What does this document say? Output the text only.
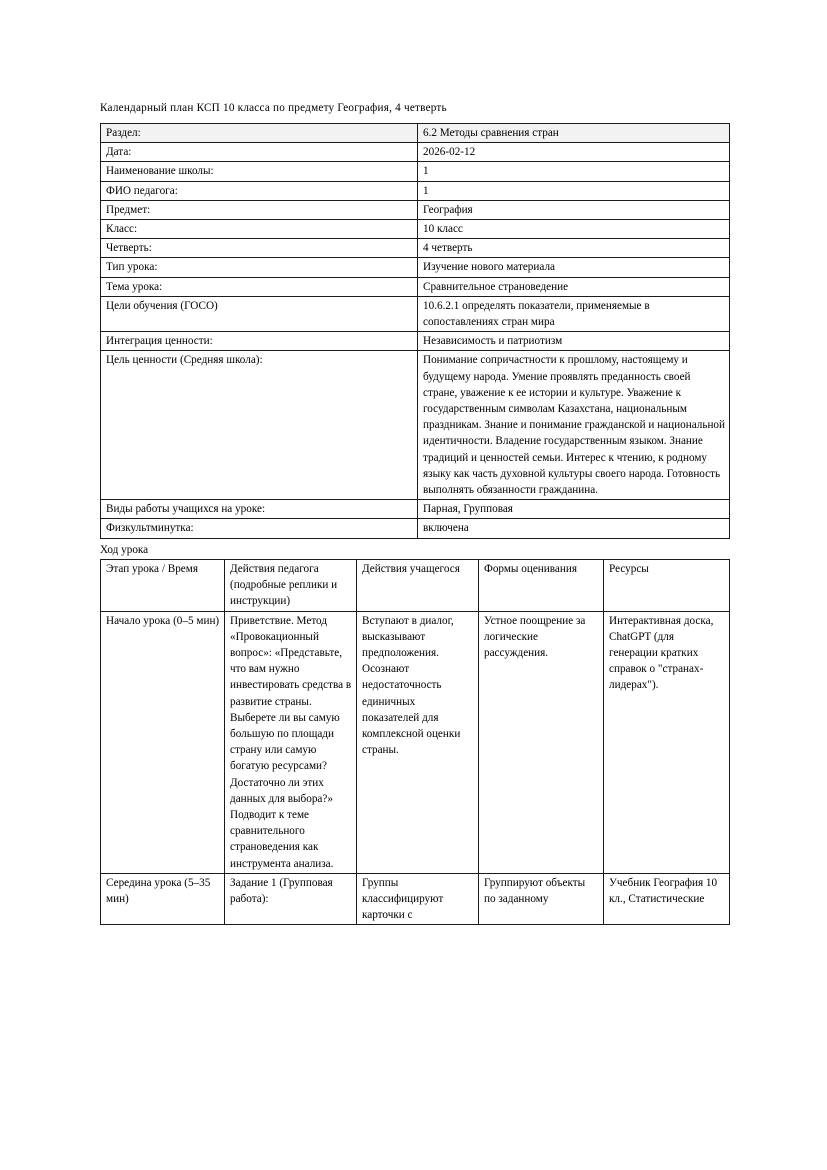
Календарный план КСП 10 класса по предмету География, 4 четверть
Раздел:	6.2 Методы сравнения стран
Дата:	2026-02-12
Наименование школы:	1
ФИО педагога:	1
Предмет:	География
Класс:	10 класс
Четверть:	4 четверть
Тип урока:	Изучение нового материала
Тема урока:	Сравнительное страноведение
Цели обучения (ГОСО)	10.6.2.1 определять показатели, применяемые в сопоставлениях стран мира
Интеграция ценности:	Независимость и патриотизм
Цель ценности (Средняя школа):	Понимание сопричастности к прошлому, настоящему и будущему народа. Умение проявлять преданность своей стране, уважение к ее истории и культуре. Уважение к государственным символам Казахстана, национальным праздникам. Знание и понимание гражданской и национальной идентичности. Владение государственным языком. Знание традиций и ценностей семьи. Интерес к чтению, к родному языку как часть духовной культуры своего народа. Готовность выполнять обязанности гражданина.
Виды работы учащихся на уроке:	Парная, Групповая
Физкультминутка:	включена
Ход урока
Этап урока / Время	Действия педагога (подробные реплики и инструкции)	Действия учащегося	Формы оценивания	Ресурсы
Начало урока (0–5 мин)	Приветствие. Метод «Провокационный вопрос»: «Представьте, что вам нужно инвестировать средства в развитие страны. Выберете ли вы самую большую по площади страну или самую богатую ресурсами? Достаточно ли этих данных для выбора?» Подводит к теме сравнительного страноведения как инструмента анализа.	Вступают в диалог, высказывают предположения. Осознают недостаточность единичных показателей для комплексной оценки страны.	Устное поощрение за логические рассуждения.	Интерактивная доска, ChatGPT (для генерации кратких справок о "странах-лидерах").
Середина урока (5–35 мин)	Задание 1 (Групповая работа):	Группы классифицируют карточки с	Группируют объекты по заданному	Учебник География 10 кл., Статистические
